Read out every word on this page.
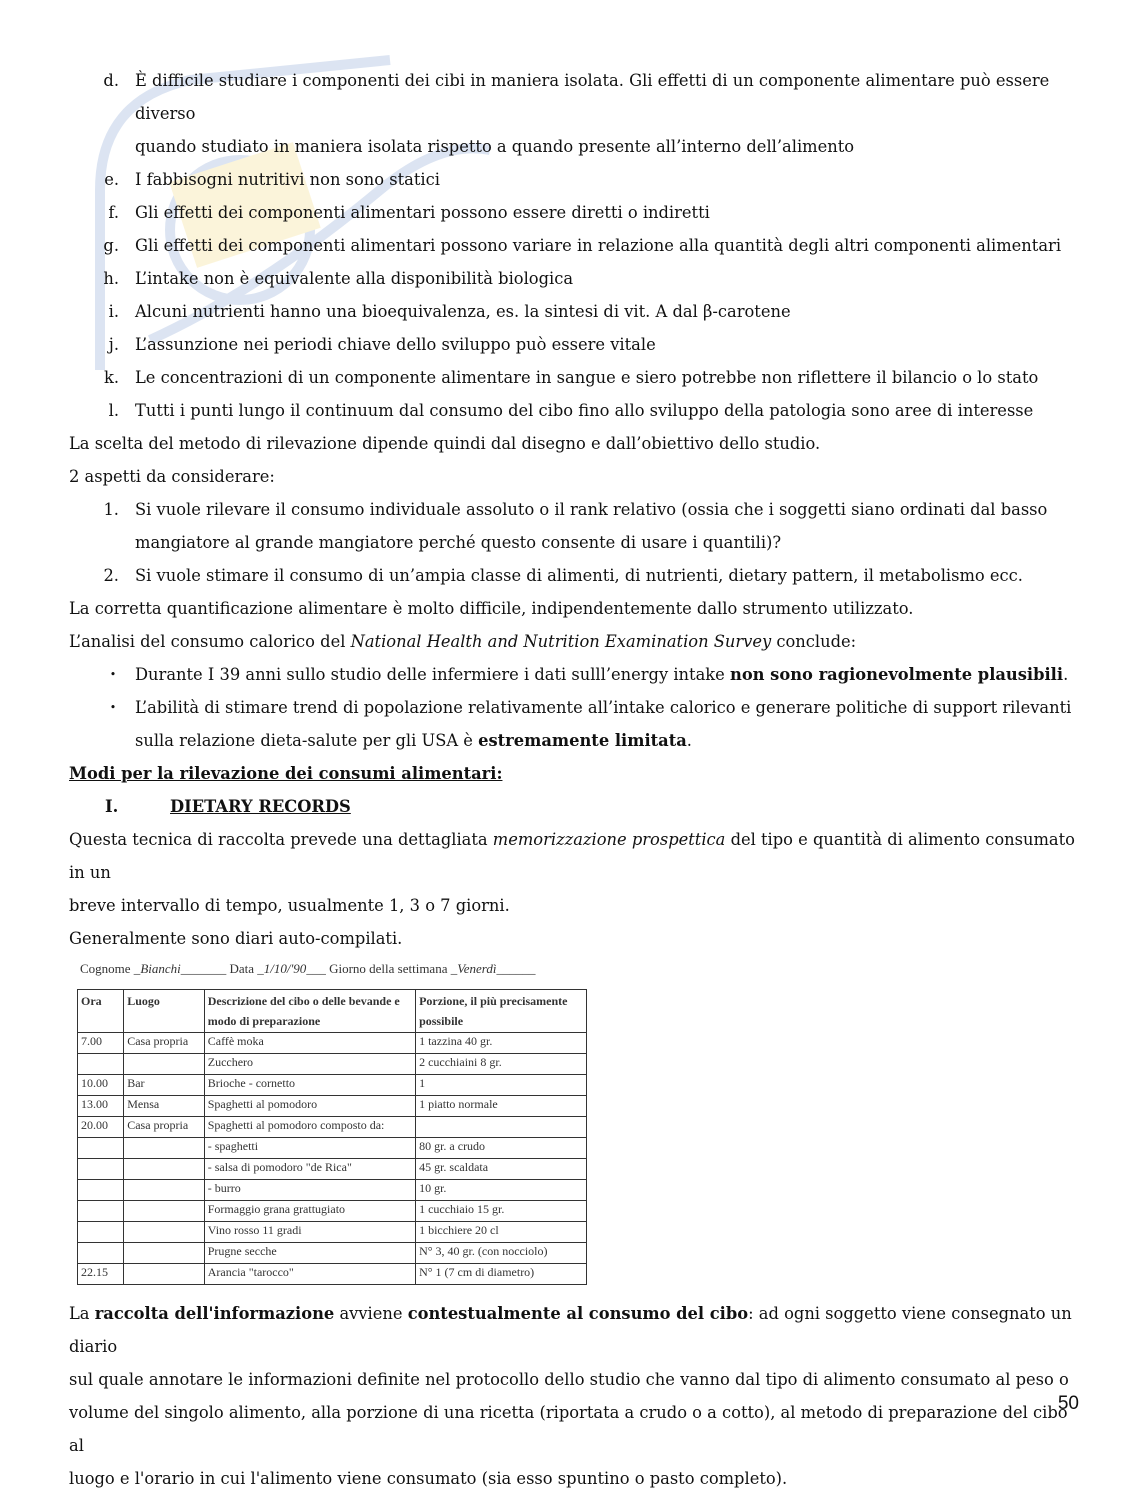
d. È difficile studiare i componenti dei cibi in maniera isolata. Gli effetti di un componente alimentare può essere diverso
quando studiato in maniera isolata rispetto a quando presente all’interno dell’alimento
e. I fabbisogni nutritivi non sono statici
f. Gli effetti dei componenti alimentari possono essere diretti o indiretti
g. Gli effetti dei componenti alimentari possono variare in relazione alla quantità degli altri componenti alimentari
h. L’intake non è equivalente alla disponibilità biologica
i. Alcuni nutrienti hanno una bioequivalenza, es. la sintesi di vit. A dal β-carotene
j. L’assunzione nei periodi chiave dello sviluppo può essere vitale
k. Le concentrazioni di un componente alimentare in sangue e siero potrebbe non riflettere il bilancio o lo stato
l. Tutti i punti lungo il continuum dal consumo del cibo fino allo sviluppo della patologia sono aree di interesse
La scelta del metodo di rilevazione dipende quindi dal disegno e dall’obiettivo dello studio.
2 aspetti da considerare:
1. Si vuole rilevare il consumo individuale assoluto o il rank relativo (ossia che i soggetti siano ordinati dal basso
mangiatore al grande mangiatore perché questo consente di usare i quantili)?
2. Si vuole stimare il consumo di un’ampia classe di alimenti, di nutrienti, dietary pattern, il metabolismo ecc.
La corretta quantificazione alimentare è molto difficile, indipendentemente dallo strumento utilizzato.
L’analisi del consumo calorico del National Health and Nutrition Examination Survey conclude:
•	Durante I 39 anni sullo studio delle infermiere i dati sulll’energy intake non sono ragionevolmente plausibili.
•	L’abilità di stimare trend di popolazione relativamente all’intake calorico e generare politiche di support rilevanti
sulla relazione dieta-salute per gli USA è estremamente limitata.
Modi per la rilevazione dei consumi alimentari:
I.	DIETARY RECORDS
Questa tecnica di raccolta prevede una dettagliata memorizzazione prospettica del tipo e quantità di alimento consumato in un
breve intervallo di tempo, usualmente 1, 3 o 7 giorni.
Generalmente sono diari auto-compilati.
Cognome _Bianchi_______ Data _1/10/'90___ Giorno della settimana _Venerdì______
Ora	Luogo	Descrizione del cibo o delle bevande e modo di preparazione	Porzione, il più precisamente possibile
7.00	Casa propria	Caffè moka	1 tazzina 40 gr.
		Zucchero	2 cucchiaini 8 gr.
10.00	Bar	Brioche - cornetto	1
13.00	Mensa	Spaghetti al pomodoro	1 piatto normale
20.00	Casa propria	Spaghetti al pomodoro composto da:	
		- spaghetti	80 gr. a crudo
		- salsa di pomodoro "de Rica"	45 gr. scaldata
		- burro	10 gr.
		Formaggio grana grattugiato	1 cucchiaio 15 gr.
		Vino rosso 11 gradi	1 bicchiere 20 cl
		Prugne secche	N° 3, 40 gr. (con nocciolo)
22.15		Arancia "tarocco"	N° 1 (7 cm di diametro)
La raccolta dell'informazione avviene contestualmente al consumo del cibo: ad ogni soggetto viene consegnato un diario
sul quale annotare le informazioni definite nel protocollo dello studio che vanno dal tipo di alimento consumato al peso o
volume del singolo alimento, alla porzione di una ricetta (riportata a crudo o a cotto), al metodo di preparazione del cibo al
luogo e l'orario in cui l'alimento viene consumato (sia esso spuntino o pasto completo).
50
